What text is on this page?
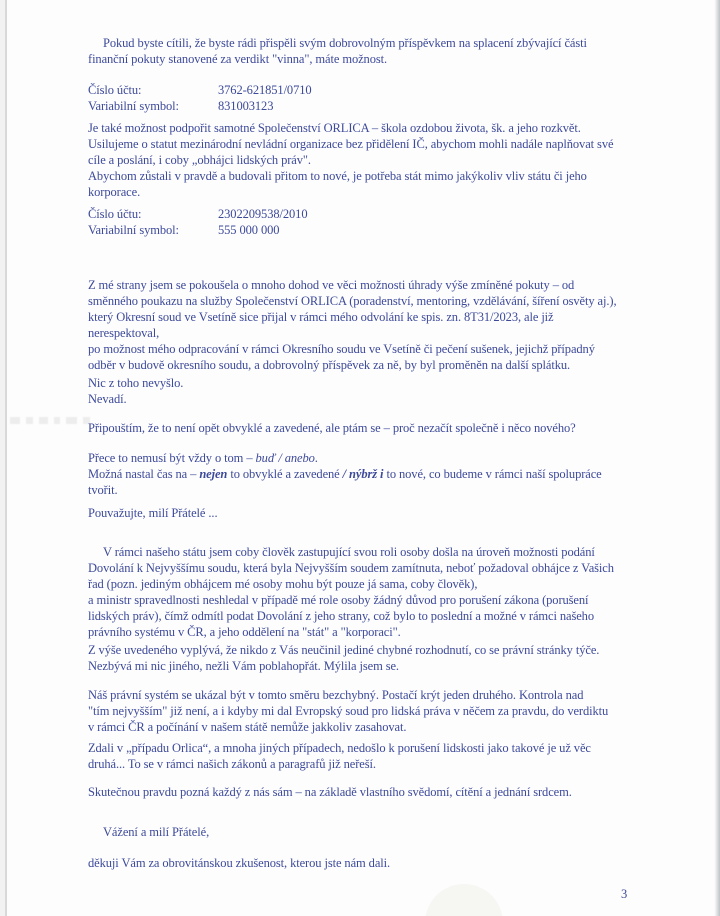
Pokud byste cítili, že byste rádi přispěli svým dobrovolným příspěvkem na splacení zbývající části
finanční pokuty stanovené za verdikt "vinna", máte možnost.
Číslo účtu:	3762-621851/0710
Variabilní symbol:	831003123
Je také možnost podpořit samotné Společenství ORLICA – škola ozdobou života, šk. a jeho rozkvět.
Usilujeme o statut mezinárodní nevládní organizace bez přidělení IČ, abychom mohli nadále naplňovat své
cíle a poslání, i coby „obhájci lidských práv".
Abychom zůstali v pravdě a budovali přitom to nové, je potřeba stát mimo jakýkoliv vliv státu či jeho
korporace.
Číslo účtu:	2302209538/2010
Variabilní symbol:	555 000 000
Z mé strany jsem se pokoušela o mnoho dohod ve věci možnosti úhrady výše zmíněné pokuty – od
směnného poukazu na služby Společenství ORLICA (poradenství, mentoring, vzdělávání, šíření osvěty aj.),
který Okresní soud ve Vsetíně sice přijal v rámci mého odvolání ke spis. zn. 8T31/2023, ale již
nerespektoval,
po možnost mého odpracování v rámci Okresního soudu ve Vsetíně či pečení sušenek, jejichž případný
odběr v budově okresního soudu, a dobrovolný příspěvek za ně, by byl proměněn na další splátku.
Nic z toho nevyšlo.
Nevadí.
Připouštím, že to není opět obvyklé a zavedené, ale ptám se – proč nezačít společně i něco nového?
Přece to nemusí být vždy o tom – buď / anebo.
Možná nastal čas na – nejen to obvyklé a zavedené / nýbrž i to nové, co budeme v rámci naší spolupráce
tvořit.
Pouvažujte, milí Přátelé ...
V rámci našeho státu jsem coby člověk zastupující svou roli osoby došla na úroveň možnosti podání
Dovolání k Nejvyššímu soudu, která byla Nejvyšším soudem zamítnuta, neboť požadoval obhájce z Vašich
řad (pozn. jediným obhájcem mé osoby mohu být pouze já sama, coby člověk),
a ministr spravedlnosti neshledal v případě mé role osoby žádný důvod pro porušení zákona (porušení
lidských práv), čímž odmítl podat Dovolání z jeho strany, což bylo to poslední a možné v rámci našeho
právního systému v ČR, a jeho oddělení na "stát" a "korporaci".
Z výše uvedeného vyplývá, že nikdo z Vás neučinil jediné chybné rozhodnutí, co se právní stránky týče.
Nezbývá mi nic jiného, nežli Vám poblahopřát. Mýlila jsem se.
Náš právní systém se ukázal být v tomto směru bezchybný. Postačí krýt jeden druhého. Kontrola nad
"tím nejvyšším" již není, a i kdyby mi dal Evropský soud pro lidská práva v něčem za pravdu, do verdiktu
v rámci ČR a počínání v našem státě nemůže jakkoliv zasahovat.
Zdali v „případu Orlica“, a mnoha jiných případech, nedošlo k porušení lidskosti jako takové je už věc
druhá... To se v rámci našich zákonů a paragrafů již neřeší.
Skutečnou pravdu pozná každý z nás sám – na základě vlastního svědomí, cítění a jednání srdcem.
Vážení a milí Přátelé,
děkuji Vám za obrovitánskou zkušenost, kterou jste nám dali.
3
